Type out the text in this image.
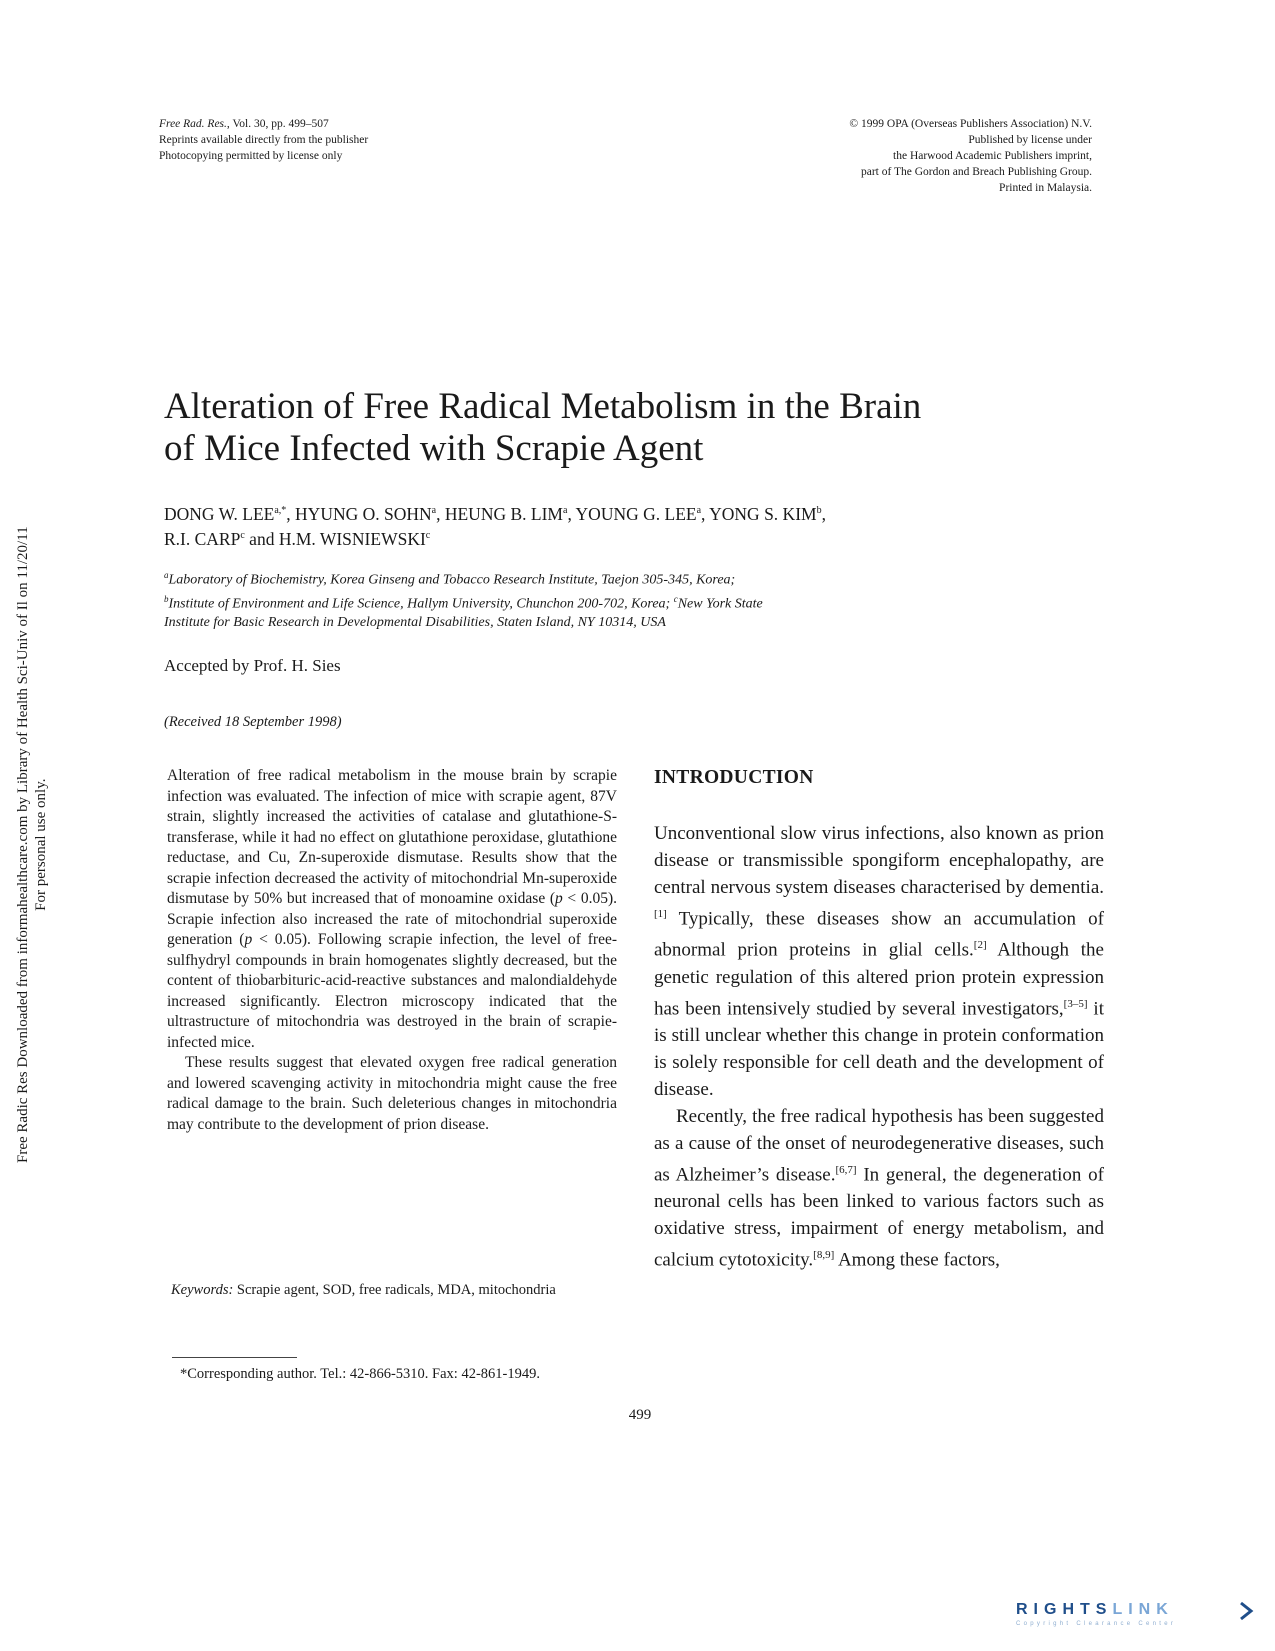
Free Rad. Res., Vol. 30, pp. 499–507
Reprints available directly from the publisher
Photocopying permitted by license only
© 1999 OPA (Overseas Publishers Association) N.V.
Published by license under
the Harwood Academic Publishers imprint,
part of The Gordon and Breach Publishing Group.
Printed in Malaysia.
Alteration of Free Radical Metabolism in the Brain
of Mice Infected with Scrapie Agent
DONG W. $LEE^{a,*}$, HYUNG O. SOHN$^a$, HEUNG B. LIM$^a$, YOUNG G. LEE$^a$, YONG S. KIM$^b$,
R.I. CARP$^c$ and H.M. WISNIEWSKI$^c$
$^a$Laboratory of Biochemistry, Korea Ginseng and Tobacco Research Institute, Taejon 305-345, Korea;
$^b$Institute of Environment and Life Science, Hallym University, Chunchon 200-702, Korea; $^c$New York State
Institute for Basic Research in Developmental Disabilities, Staten Island, NY 10314, USA
Accepted by Prof. H. Sies
(Received 18 September 1998)

Alteration of free radical metabolism in the mouse brain by scrapie infection was evaluated. The infection of mice with scrapie agent, 87V strain, slightly increased the activities of catalase and glutathione-S-transferase, while it had no effect on glutathione peroxidase, glutathione reductase, and Cu, Zn-superoxide dismutase. Results show that the scrapie infection decreased the activity of mitochondrial Mn-superoxide dismutase by 50% but increased that of monoamine oxidase (p < 0.05). Scrapie infection also increased the rate of mitochondrial superoxide generation (p < 0.05). Following scrapie infection, the level of free-sulfhydryl compounds in brain homogenates slightly decreased, but the content of thiobarbituric-acid-reactive substances and malondialdehyde increased significantly. Electron microscopy indicated that the ultrastructure of mitochondria was destroyed in the brain of scrapie-infected mice.

These results suggest that elevated oxygen free radical generation and lowered scavenging activity in mitochondria might cause the free radical damage to the brain. Such deleterious changes in mitochondria may contribute to the development of prion disease.

Keywords: Scrapie agent, SOD, free radicals, MDA, mitochondria
*Corresponding author. Tel.: 42-866-5310. Fax: 42-861-1949.
INTRODUCTION

Unconventional slow virus infections, also known as prion disease or transmissible spongiform encephalopathy, are central nervous system diseases characterised by dementia.[1] Typically, these diseases show an accumulation of abnormal prion proteins in glial cells.[2] Although the genetic regulation of this altered prion protein expression has been intensively studied by several investigators,[3–5] it is still unclear whether this change in protein conformation is solely responsible for cell death and the development of disease.

Recently, the free radical hypothesis has been suggested as a cause of the onset of neurodegenerative diseases, such as Alzheimer’s disease.[6,7] In general, the degeneration of neuronal cells has been linked to various factors such as oxidative stress, impairment of energy metabolism, and calcium cytotoxicity.[8,9] Among these factors,

499
Free Radic Res Downloaded from informahealthcare.com by Library of Health Sci-Univ of Il on 11/20/11 For personal use only.
RIGHTSLINK
Copyright Clearance Center
